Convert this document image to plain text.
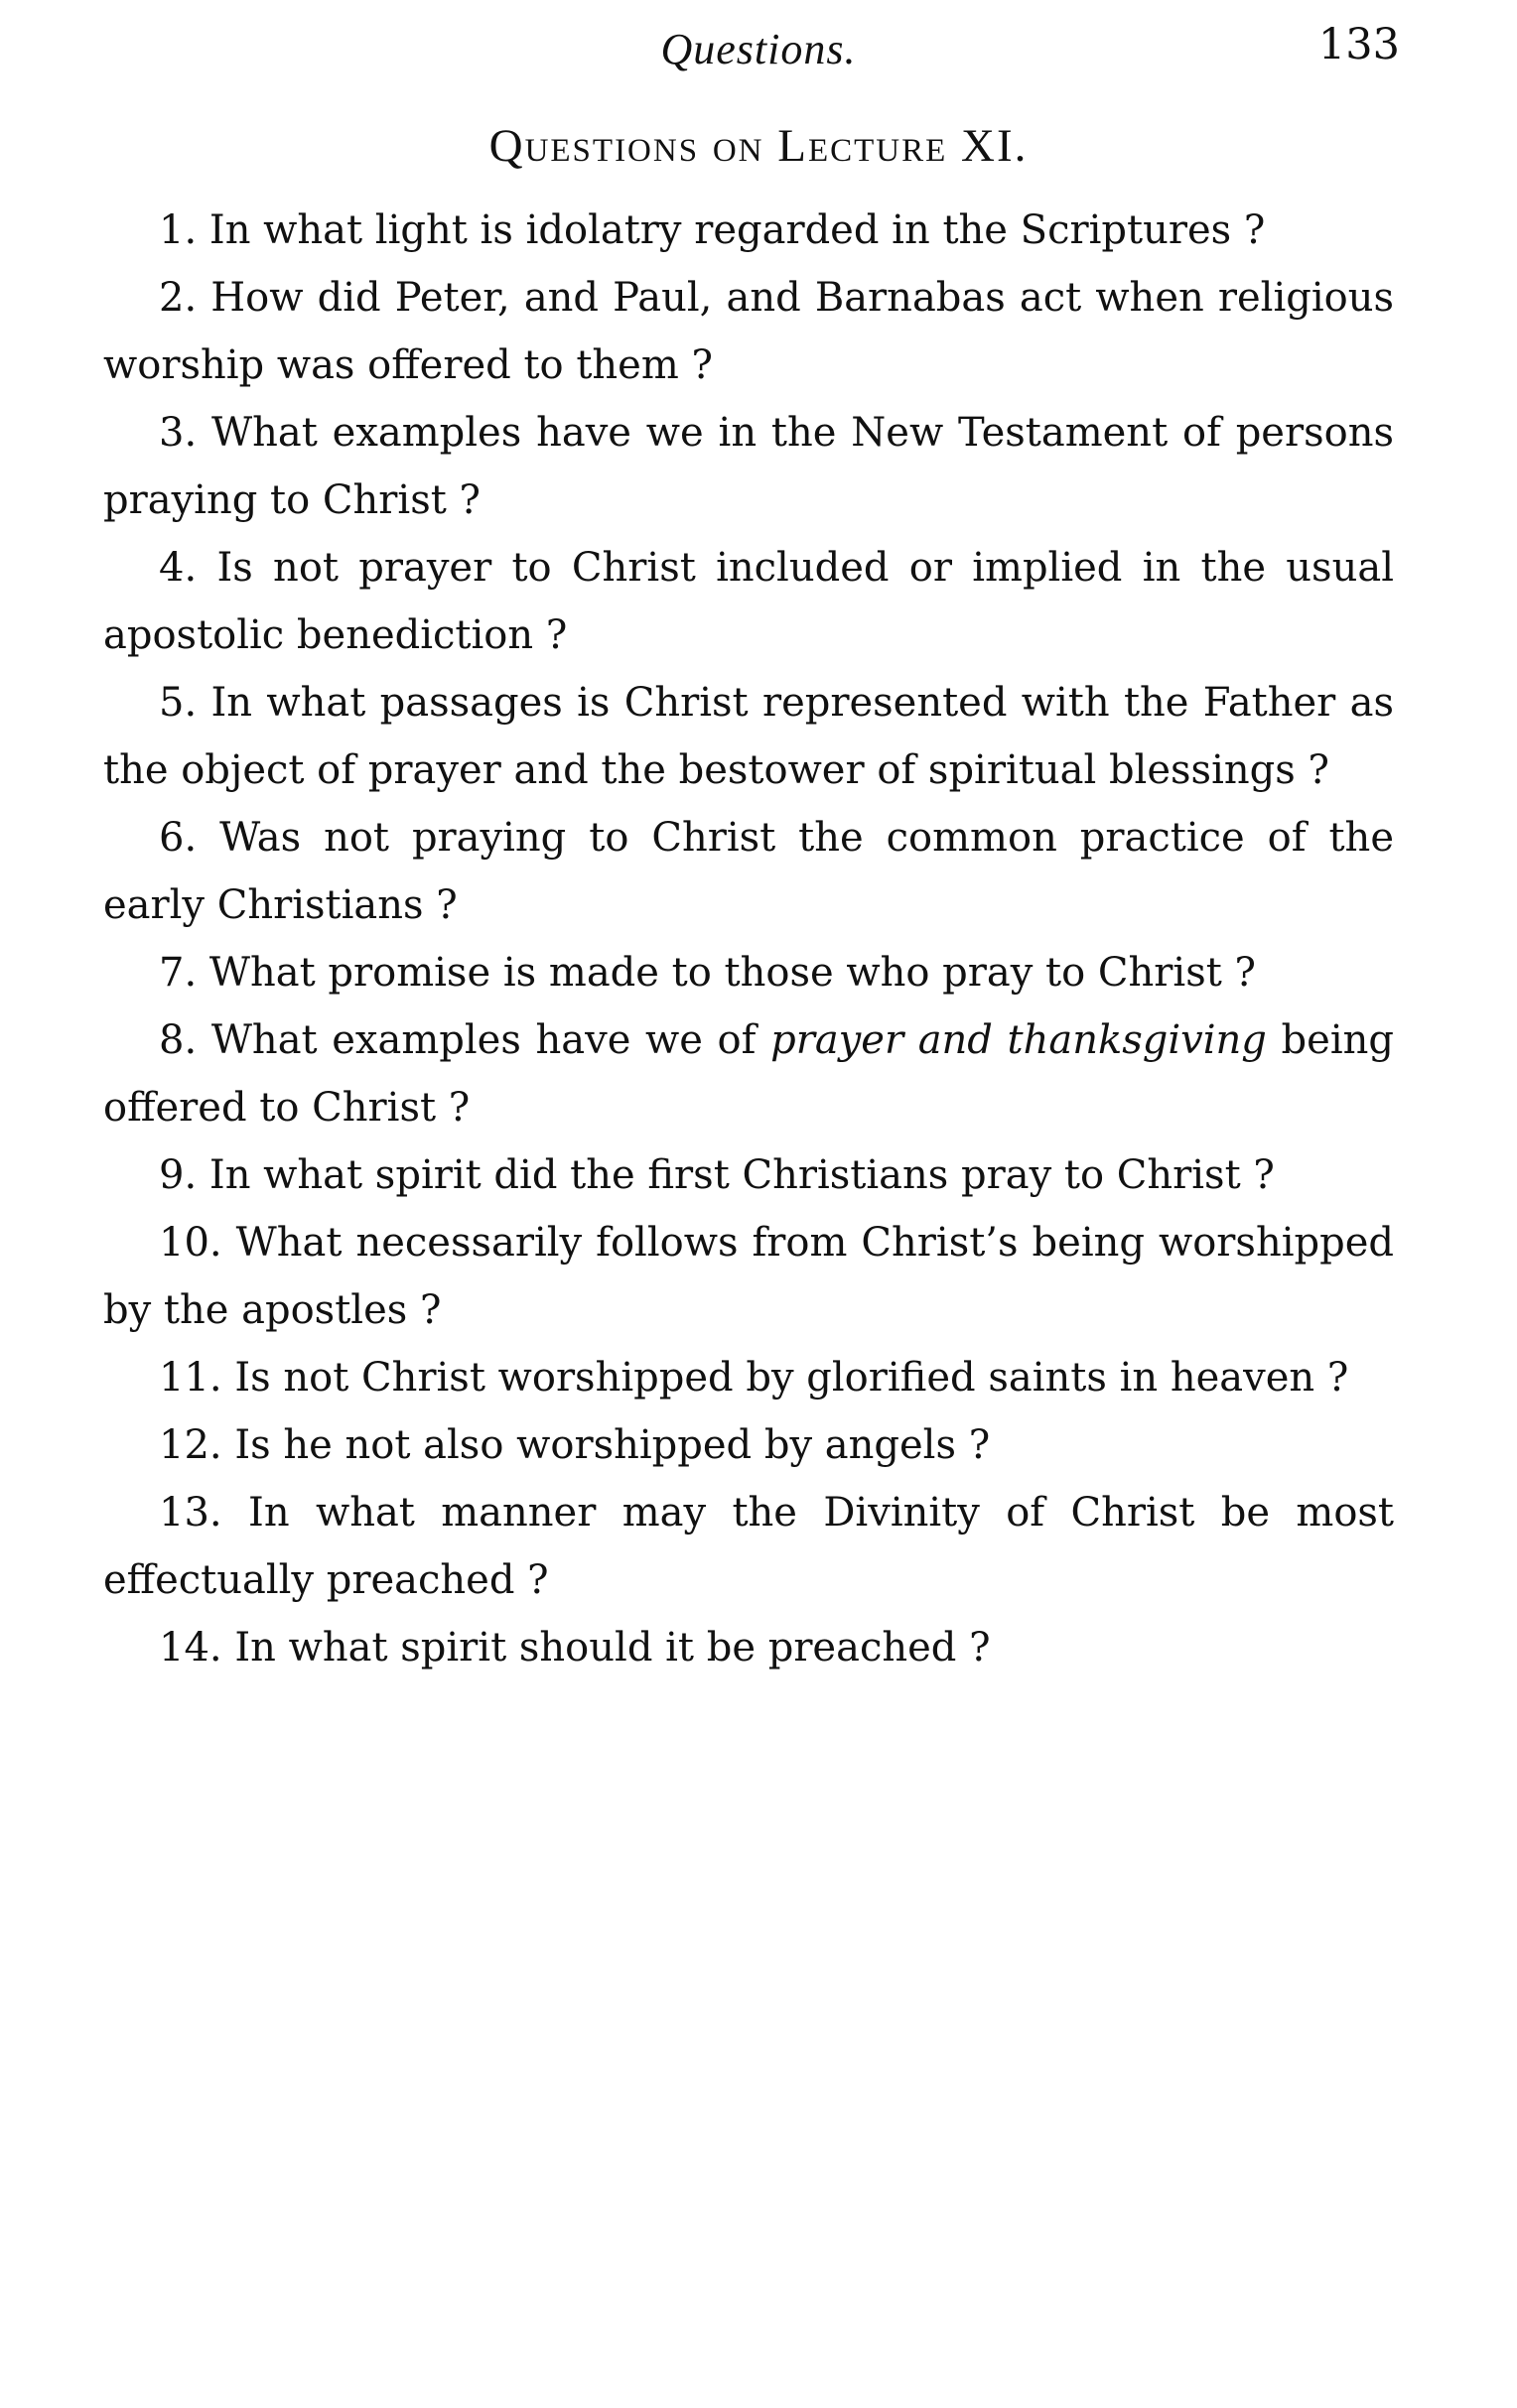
Questions.	133
Questions on Lecture XI.

1. In what light is idolatry regarded in the Scriptures ?

2. How did Peter, and Paul, and Barnabas act when religious worship was offered to them ?

3. What examples have we in the New Testament of persons praying to Christ ?

4. Is not prayer to Christ included or implied in the usual apostolic benediction ?

5. In what passages is Christ represented with the Father as the object of prayer and the bestower of spiritual blessings ?

6. Was not praying to Christ the common practice of the early Christians ?

7. What promise is made to those who pray to Christ ?

8. What examples have we of prayer and thanksgiving being offered to Christ ?

9. In what spirit did the first Christians pray to Christ ?

10. What necessarily follows from Christ’s being worshipped by the apostles ?

11. Is not Christ worshipped by glorified saints in heaven ?

12. Is he not also worshipped by angels ?

13. In what manner may the Divinity of Christ be most effectually preached ?

14. In what spirit should it be preached ?
